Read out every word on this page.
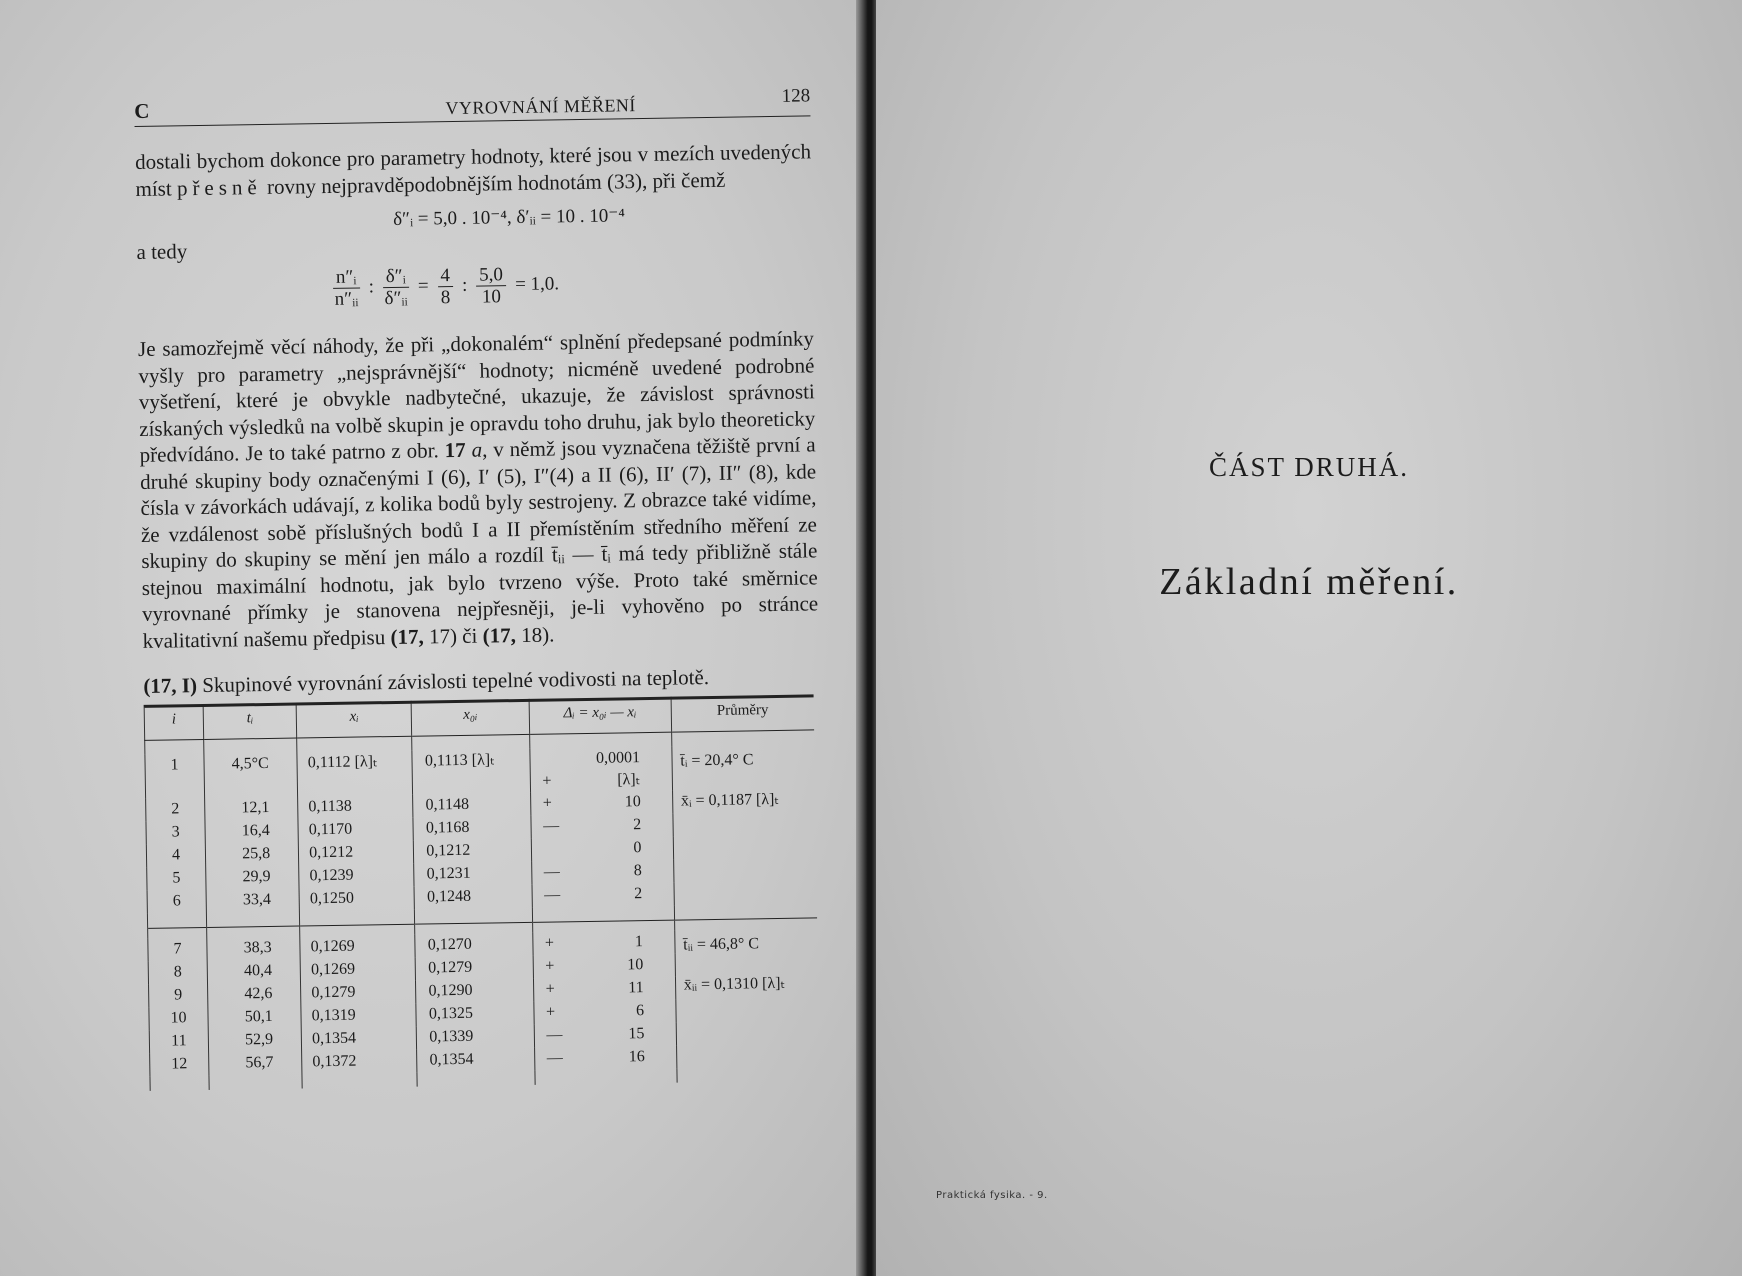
C	VYROVNÁNÍ MĚŘENÍ	128

dostali bychom dokonce pro parametry hodnoty, které jsou v mezích uvedených míst přesně rovny nejpravděpodobnějším hodnotám (33), při čemž

δ″ᵢ = 5,0 . 10⁻⁴, δ′ᵢᵢ = 10 . 10⁻⁴
a tedy
$\frac{\text{n″ᵢ}}{\text{n″ᵢᵢ}}$ : $\frac{\text{δ″ᵢ}}{\text{δ″ᵢᵢ}} = \frac{4}{8}$ : $\frac{5,0}{10} = 1,0$.

Je samozřejmě věcí náhody, že při „dokonalém“ splnění předepsané podmínky vyšly pro parametry „nejsprávnější“ hodnoty; nicméně uvedené podrobné vyšetření, které je obvykle nadbytečné, ukazuje, že závislost správnosti získaných výsledků na volbě skupin je opravdu toho druhu, jak bylo theoreticky předvídáno. Je to také patrno z obr. 17 a, v němž jsou vyznačena těžiště první a druhé skupiny body označenými I (6), I′ (5), I″(4) a II (6), II′ (7), II″ (8), kde čísla v závorkách udávají, z kolika bodů byly sestrojeny. Z obrazce také vidíme, že vzdálenost sobě příslušných bodů I a II přemístěním středního měření ze skupiny do skupiny se mění jen málo a rozdíl t̄ᵢᵢ — t̄ᵢ má tedy přibližně stále stejnou maximální hodnotu, jak bylo tvrzeno výše. Proto také směrnice vyrovnané přímky je stanovena nejpřesněji, je-li vyhověno po stránce kvalitativní našemu předpisu (17, 17) či (17, 18).

(17, I) Skupinové vyrovnání závislosti tepelné vodivosti na teplotě.
i	tᵢ	xᵢ	x₀ᵢ	Δᵢ = x₀ᵢ — xᵢ	Průměry

1	4,5°C	0,1112 [λ]ₜ	0,1113 [λ]ₜ	+0,0001 [λ]ₜ	t̄ᵢ = 20,4° C
x̄ᵢ = 0,1187 [λ]ₜ

2	12,1	0,1138	0,1148	+ 10	
3	16,4	0,1170	0,1168	— 2	
4	25,8	0,1212	0,1212	0	
5	29,9	0,1239	0,1231	— 8	
6	33,4	0,1250	0,1248	— 2	

7	38,3	0,1269	0,1270	+ 1	t̄ᵢᵢ = 46,8° C
x̄ᵢᵢ = 0,1310 [λ]ₜ

8	40,4	0,1269	0,1279	+ 10	
9	42,6	0,1279	0,1290	+ 11	
10	50,1	0,1319	0,1325	+ 6	
11	52,9	0,1354	0,1339	— 15	
12	56,7	0,1372	0,1354	— 16	

ČÁST DRUHÁ.
Základní měření.
Praktická fysika. - 9.
